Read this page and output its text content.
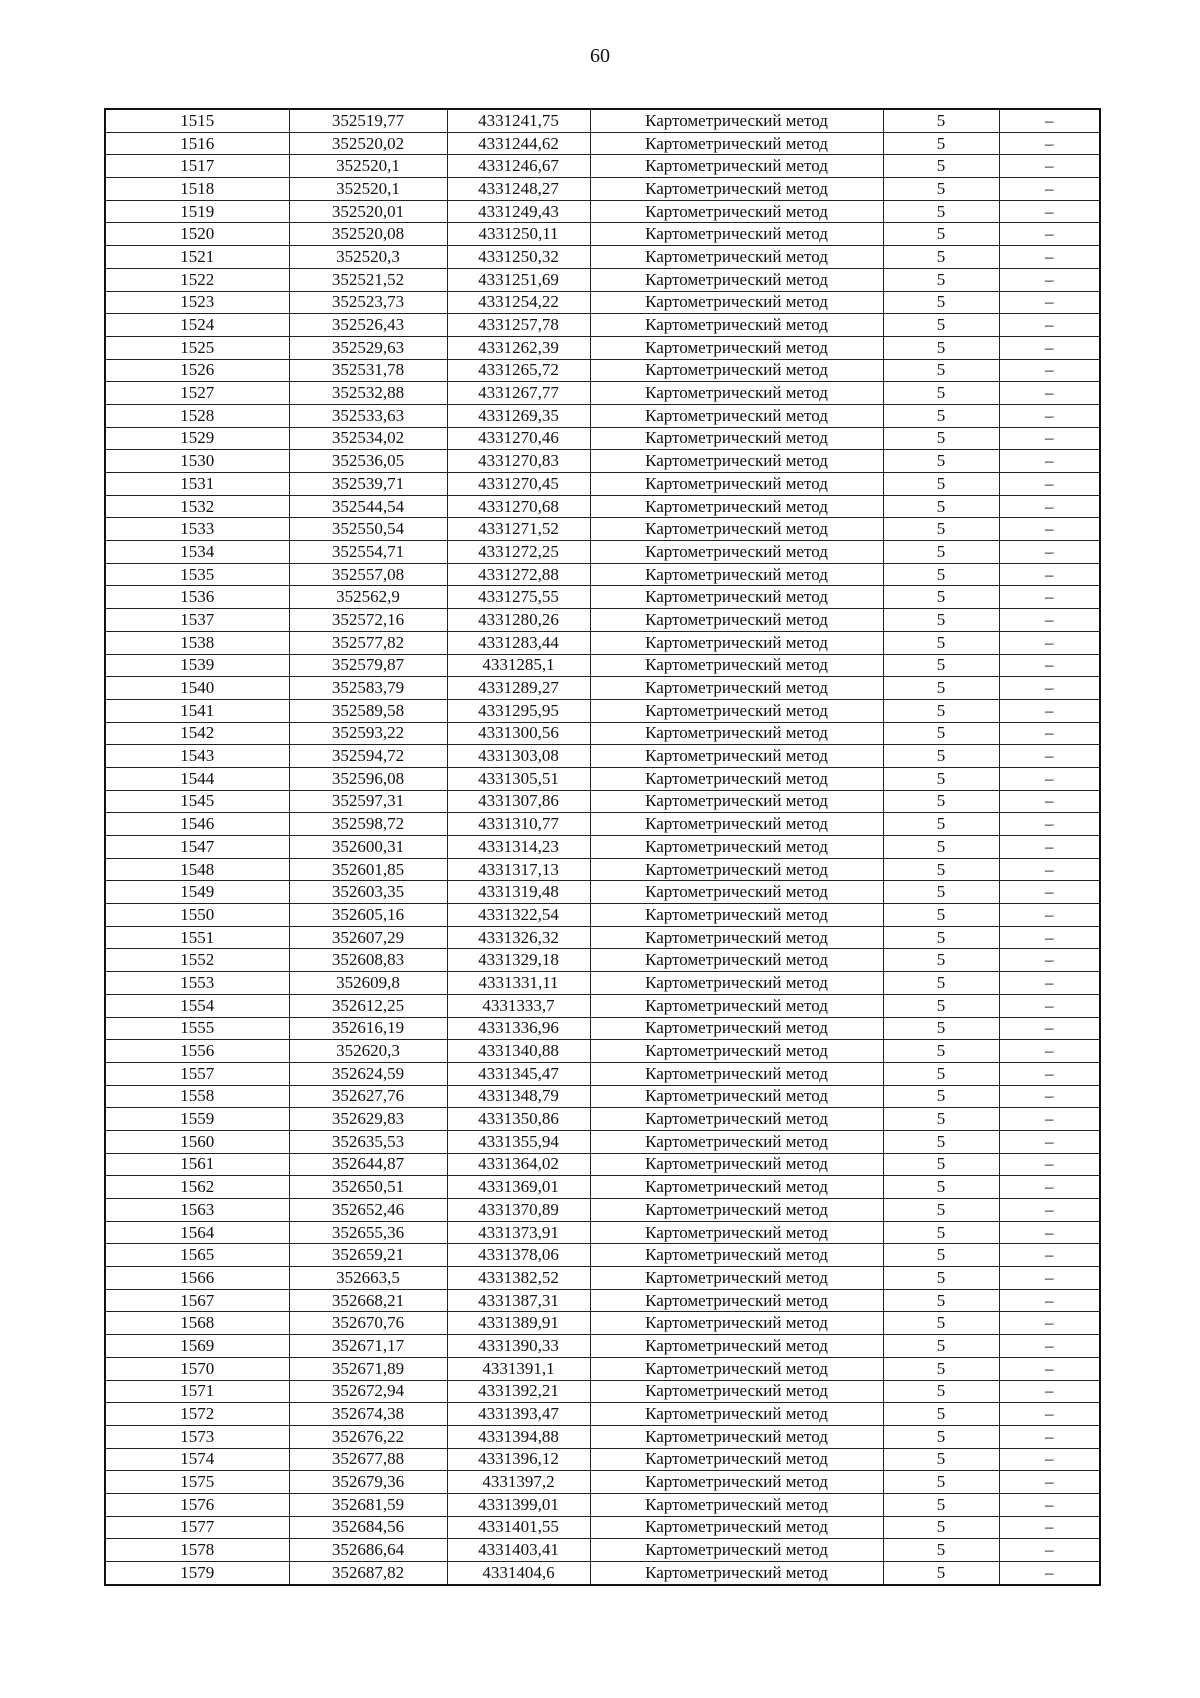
60
1515	352519,77	4331241,75	Картометрический метод	5	–
1516	352520,02	4331244,62	Картометрический метод	5	–
1517	352520,1	4331246,67	Картометрический метод	5	–
1518	352520,1	4331248,27	Картометрический метод	5	–
1519	352520,01	4331249,43	Картометрический метод	5	–
1520	352520,08	4331250,11	Картометрический метод	5	–
1521	352520,3	4331250,32	Картометрический метод	5	–
1522	352521,52	4331251,69	Картометрический метод	5	–
1523	352523,73	4331254,22	Картометрический метод	5	–
1524	352526,43	4331257,78	Картометрический метод	5	–
1525	352529,63	4331262,39	Картометрический метод	5	–
1526	352531,78	4331265,72	Картометрический метод	5	–
1527	352532,88	4331267,77	Картометрический метод	5	–
1528	352533,63	4331269,35	Картометрический метод	5	–
1529	352534,02	4331270,46	Картометрический метод	5	–
1530	352536,05	4331270,83	Картометрический метод	5	–
1531	352539,71	4331270,45	Картометрический метод	5	–
1532	352544,54	4331270,68	Картометрический метод	5	–
1533	352550,54	4331271,52	Картометрический метод	5	–
1534	352554,71	4331272,25	Картометрический метод	5	–
1535	352557,08	4331272,88	Картометрический метод	5	–
1536	352562,9	4331275,55	Картометрический метод	5	–
1537	352572,16	4331280,26	Картометрический метод	5	–
1538	352577,82	4331283,44	Картометрический метод	5	–
1539	352579,87	4331285,1	Картометрический метод	5	–
1540	352583,79	4331289,27	Картометрический метод	5	–
1541	352589,58	4331295,95	Картометрический метод	5	–
1542	352593,22	4331300,56	Картометрический метод	5	–
1543	352594,72	4331303,08	Картометрический метод	5	–
1544	352596,08	4331305,51	Картометрический метод	5	–
1545	352597,31	4331307,86	Картометрический метод	5	–
1546	352598,72	4331310,77	Картометрический метод	5	–
1547	352600,31	4331314,23	Картометрический метод	5	–
1548	352601,85	4331317,13	Картометрический метод	5	–
1549	352603,35	4331319,48	Картометрический метод	5	–
1550	352605,16	4331322,54	Картометрический метод	5	–
1551	352607,29	4331326,32	Картометрический метод	5	–
1552	352608,83	4331329,18	Картометрический метод	5	–
1553	352609,8	4331331,11	Картометрический метод	5	–
1554	352612,25	4331333,7	Картометрический метод	5	–
1555	352616,19	4331336,96	Картометрический метод	5	–
1556	352620,3	4331340,88	Картометрический метод	5	–
1557	352624,59	4331345,47	Картометрический метод	5	–
1558	352627,76	4331348,79	Картометрический метод	5	–
1559	352629,83	4331350,86	Картометрический метод	5	–
1560	352635,53	4331355,94	Картометрический метод	5	–
1561	352644,87	4331364,02	Картометрический метод	5	–
1562	352650,51	4331369,01	Картометрический метод	5	–
1563	352652,46	4331370,89	Картометрический метод	5	–
1564	352655,36	4331373,91	Картометрический метод	5	–
1565	352659,21	4331378,06	Картометрический метод	5	–
1566	352663,5	4331382,52	Картометрический метод	5	–
1567	352668,21	4331387,31	Картометрический метод	5	–
1568	352670,76	4331389,91	Картометрический метод	5	–
1569	352671,17	4331390,33	Картометрический метод	5	–
1570	352671,89	4331391,1	Картометрический метод	5	–
1571	352672,94	4331392,21	Картометрический метод	5	–
1572	352674,38	4331393,47	Картометрический метод	5	–
1573	352676,22	4331394,88	Картометрический метод	5	–
1574	352677,88	4331396,12	Картометрический метод	5	–
1575	352679,36	4331397,2	Картометрический метод	5	–
1576	352681,59	4331399,01	Картометрический метод	5	–
1577	352684,56	4331401,55	Картометрический метод	5	–
1578	352686,64	4331403,41	Картометрический метод	5	–
1579	352687,82	4331404,6	Картометрический метод	5	–
